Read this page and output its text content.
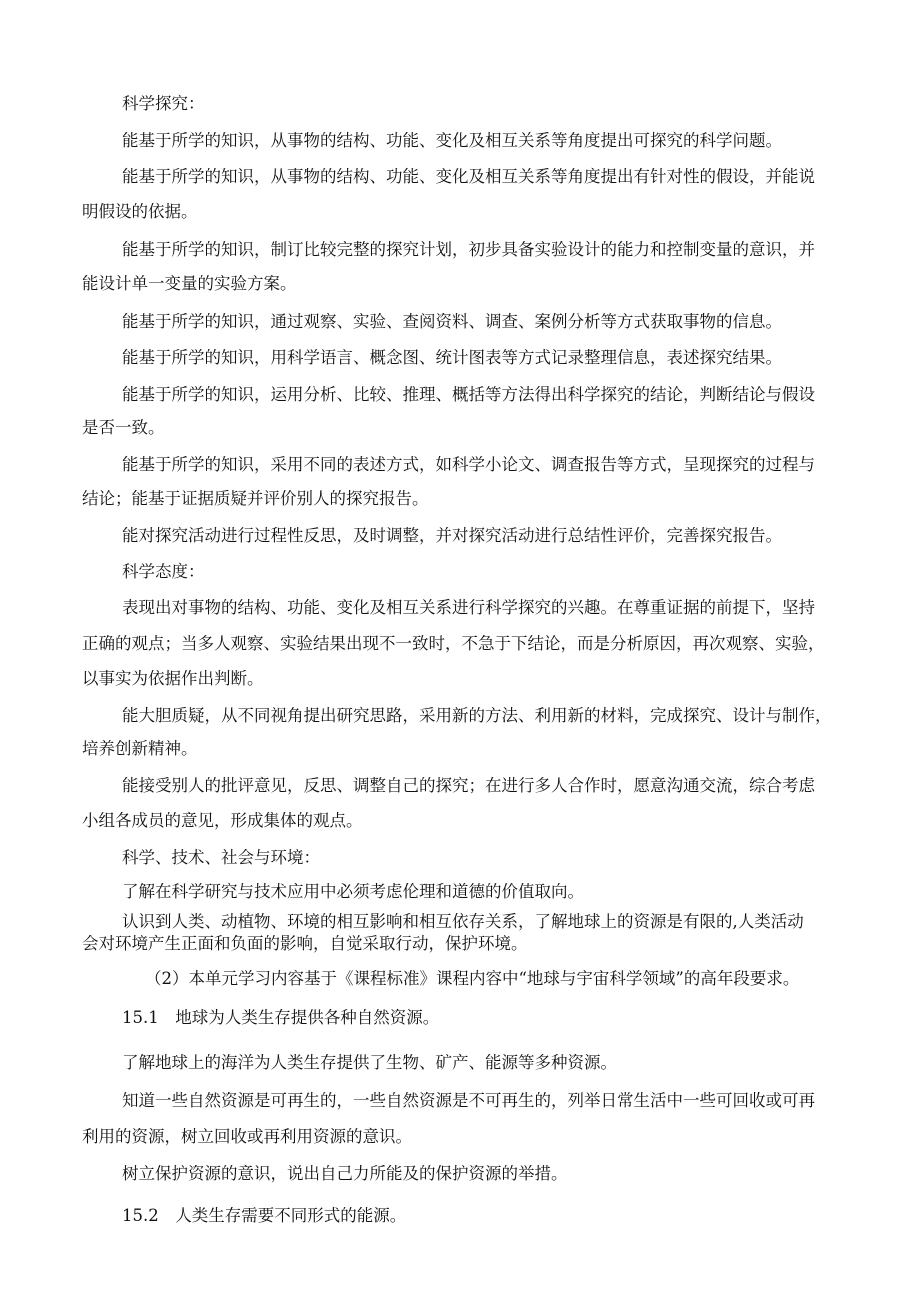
科学探究：

能基于所学的知识，从事物的结构、功能、变化及相互关系等角度提出可探究的科学问题。

能基于所学的知识，从事物的结构、功能、变化及相互关系等角度提出有针对性的假设，并能说

明假设的依据。

能基于所学的知识，制订比较完整的探究计划，初步具备实验设计的能力和控制变量的意识，并

能设计单一变量的实验方案。

能基于所学的知识，通过观察、实验、查阅资料、调查、案例分析等方式获取事物的信息。

能基于所学的知识，用科学语言、概念图、统计图表等方式记录整理信息，表述探究结果。

能基于所学的知识，运用分析、比较、推理、概括等方法得出科学探究的结论，判断结论与假设

是否一致。

能基于所学的知识，采用不同的表述方式，如科学小论文、调查报告等方式，呈现探究的过程与

结论；能基于证据质疑并评价别人的探究报告。

能对探究活动进行过程性反思，及时调整，并对探究活动进行总结性评价，完善探究报告。

科学态度：

表现出对事物的结构、功能、变化及相互关系进行科学探究的兴趣。在尊重证据的前提下，坚持

正确的观点；当多人观察、实验结果出现不一致时，不急于下结论，而是分析原因，再次观察、实验，

以事实为依据作出判断。

能大胆质疑，从不同视角提出研究思路，采用新的方法、利用新的材料，完成探究、设计与制作，

培养创新精神。

能接受别人的批评意见，反思、调整自己的探究；在进行多人合作时，愿意沟通交流，综合考虑

小组各成员的意见，形成集体的观点。

科学、技术、社会与环境：

了解在科学研究与技术应用中必须考虑伦理和道德的价值取向。

认识到人类、动植物、环境的相互影响和相互依存关系，了解地球上的资源是有限的,人类活动

会对环境产生正面和负面的影响，自觉采取行动，保护环境。

（2）本单元学习内容基于《课程标准》课程内容中“地球与宇宙科学领域”的高年段要求。

15.1　地球为人类生存提供各种自然资源。

了解地球上的海洋为人类生存提供了生物、矿产、能源等多种资源。

知道一些自然资源是可再生的，一些自然资源是不可再生的，列举日常生活中一些可回收或可再

利用的资源，树立回收或再利用资源的意识。

树立保护资源的意识，说出自己力所能及的保护资源的举措。

15.2　人类生存需要不同形式的能源。
